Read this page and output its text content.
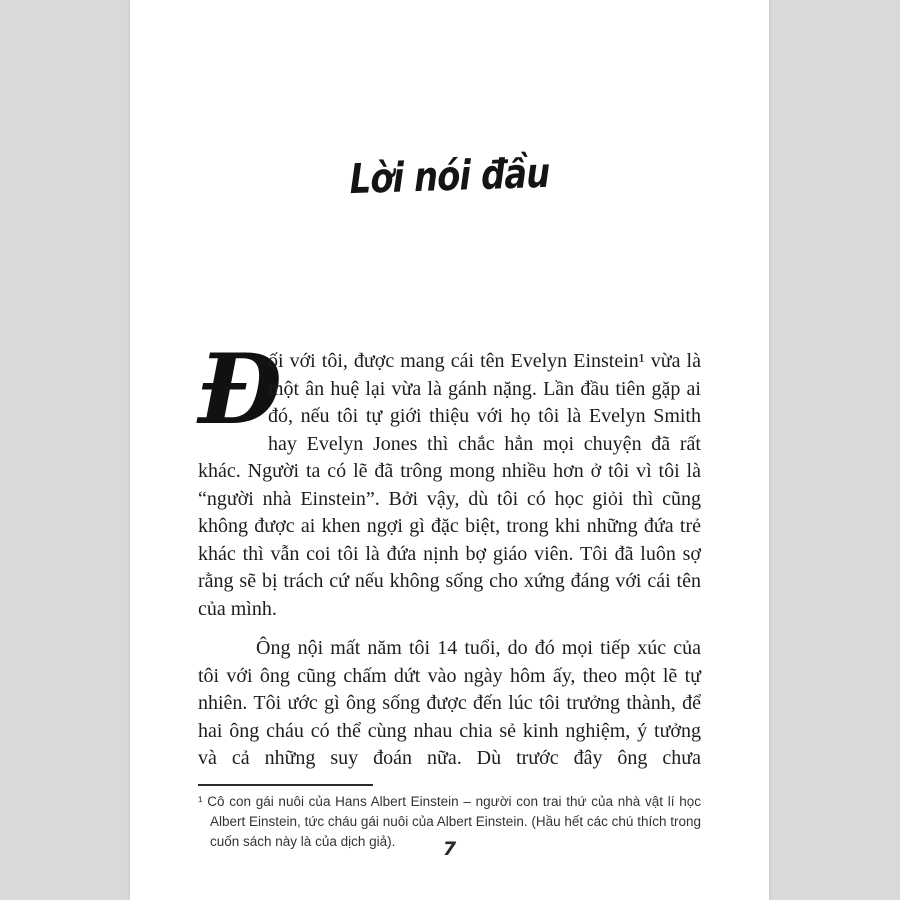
Lời nói đầu

Đ
ối với tôi, được mang cái tên Evelyn Einstein¹ vừa là một ân huệ lại vừa là gánh nặng. Lần đầu tiên gặp ai đó, nếu tôi tự giới thiệu với họ tôi là Evelyn Smith hay Evelyn Jones thì chắc hẳn mọi chuyện đã rất khác. Người ta có lẽ đã trông mong nhiều hơn ở tôi vì tôi là “người nhà Einstein”. Bởi vậy, dù tôi có học giỏi thì cũng không được ai khen ngợi gì đặc biệt, trong khi những đứa trẻ khác thì vẫn coi tôi là đứa nịnh bợ giáo viên. Tôi đã luôn sợ rằng sẽ bị trách cứ nếu không sống cho xứng đáng với cái tên của mình.

Ông nội mất năm tôi 14 tuổi, do đó mọi tiếp xúc của tôi với ông cũng chấm dứt vào ngày hôm ấy, theo một lẽ tự nhiên. Tôi ước gì ông sống được đến lúc tôi trưởng thành, để hai ông cháu có thể cùng nhau chia sẻ kinh nghiệm, ý tưởng và cả những suy đoán nữa. Dù trước đây ông chưa

¹ Cô con gái nuôi của Hans Albert Einstein – người con trai thứ của nhà vật lí học Albert Einstein, tức cháu gái nuôi của Albert Einstein. (Hầu hết các chú thích trong cuốn sách này là của dịch giả).	7
